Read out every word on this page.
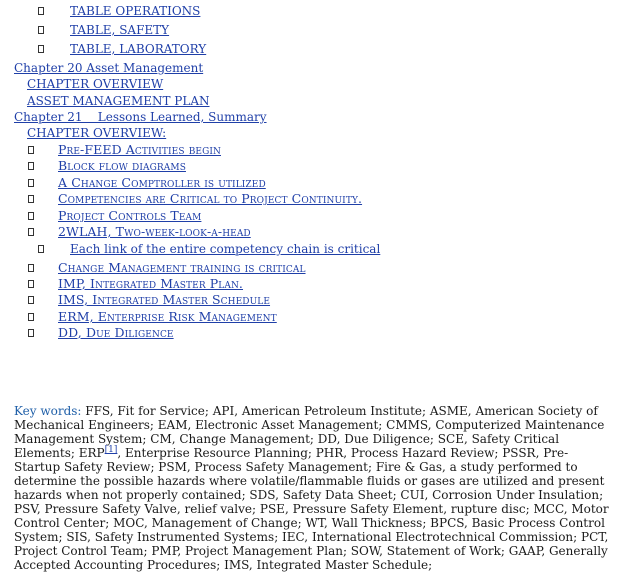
TABLE OPERATIONS
TABLE, SAFETY
TABLE, LABORATORY
Chapter 20 Asset Management
CHAPTER OVERVIEW
ASSET MANAGEMENT PLAN
Chapter 21    Lessons Learned, Summary
CHAPTER OVERVIEW:
Pre-FEED Activities begin
Block flow diagrams
A Change Comptroller is utilized
Competencies are Critical to Project Continuity.
Project Controls Team
2WLAH, Two-week-look-a-head
Each link of the entire competency chain is critical
Change Management training is critical
IMP, Integrated Master Plan.
IMS, Integrated Master Schedule
ERM, Enterprise Risk Management
DD, Due Diligence
Key words: FFS, Fit for Service; API, American Petroleum Institute; ASME, American Society of Mechanical Engineers; EAM, Electronic Asset Management; CMMS, Computerized Maintenance Management System; CM, Change Management; DD, Due Diligence; SCE, Safety Critical Elements; ERP[1], Enterprise Resource Planning; PHR, Process Hazard Review; PSSR, Pre-Startup Safety Review; PSM, Process Safety Management; Fire & Gas, a study performed to determine the possible hazards where volatile/flammable fluids or gases are utilized and present hazards when not properly contained; SDS, Safety Data Sheet; CUI, Corrosion Under Insulation; PSV, Pressure Safety Valve, relief valve; PSE, Pressure Safety Element, rupture disc; MCC, Motor Control Center; MOC, Management of Change; WT, Wall Thickness; BPCS, Basic Process Control System; SIS, Safety Instrumented Systems; IEC, International Electrotechnical Commission; PCT, Project Control Team; PMP, Project Management Plan; SOW, Statement of Work; GAAP, Generally Accepted Accounting Procedures; IMS, Integrated Master Schedule;
